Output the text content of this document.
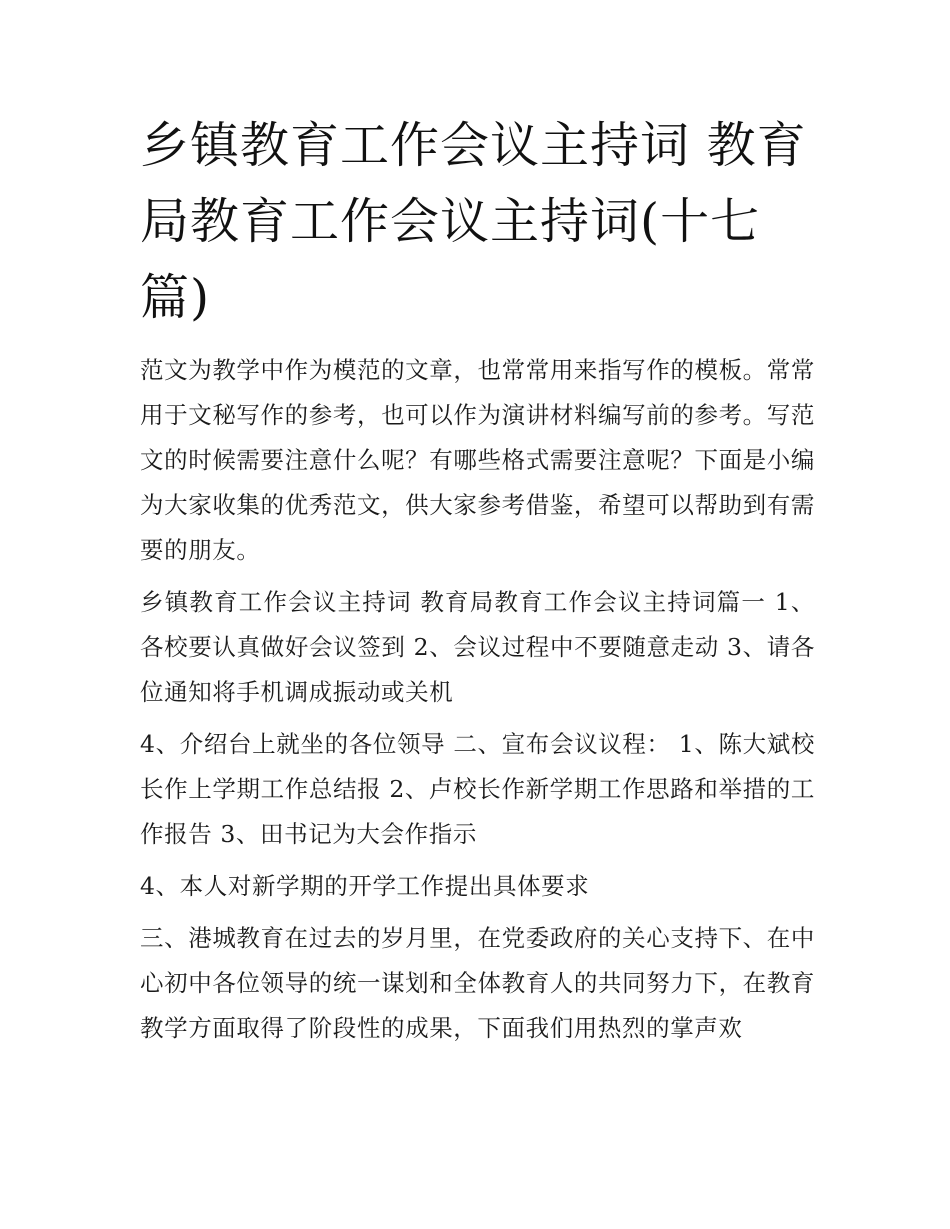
乡镇教育工作会议主持词 教育局教育工作会议主持词(十七篇)

范文为教学中作为模范的文章，也常常用来指写作的模板。常常用于文秘写作的参考，也可以作为演讲材料编写前的参考。写范文的时候需要注意什么呢？有哪些格式需要注意呢？下面是小编为大家收集的优秀范文，供大家参考借鉴，希望可以帮助到有需要的朋友。

乡镇教育工作会议主持词 教育局教育工作会议主持词篇一 1、各校要认真做好会议签到 2、会议过程中不要随意走动 3、请各位通知将手机调成振动或关机

4、介绍台上就坐的各位领导 二、宣布会议议程： 1、陈大斌校长作上学期工作总结报 2、卢校长作新学期工作思路和举措的工作报告 3、田书记为大会作指示

4、本人对新学期的开学工作提出具体要求

三、港城教育在过去的岁月里，在党委政府的关心支持下、在中心初中各位领导的统一谋划和全体教育人的共同努力下，在教育教学方面取得了阶段性的成果，下面我们用热烈的掌声欢
